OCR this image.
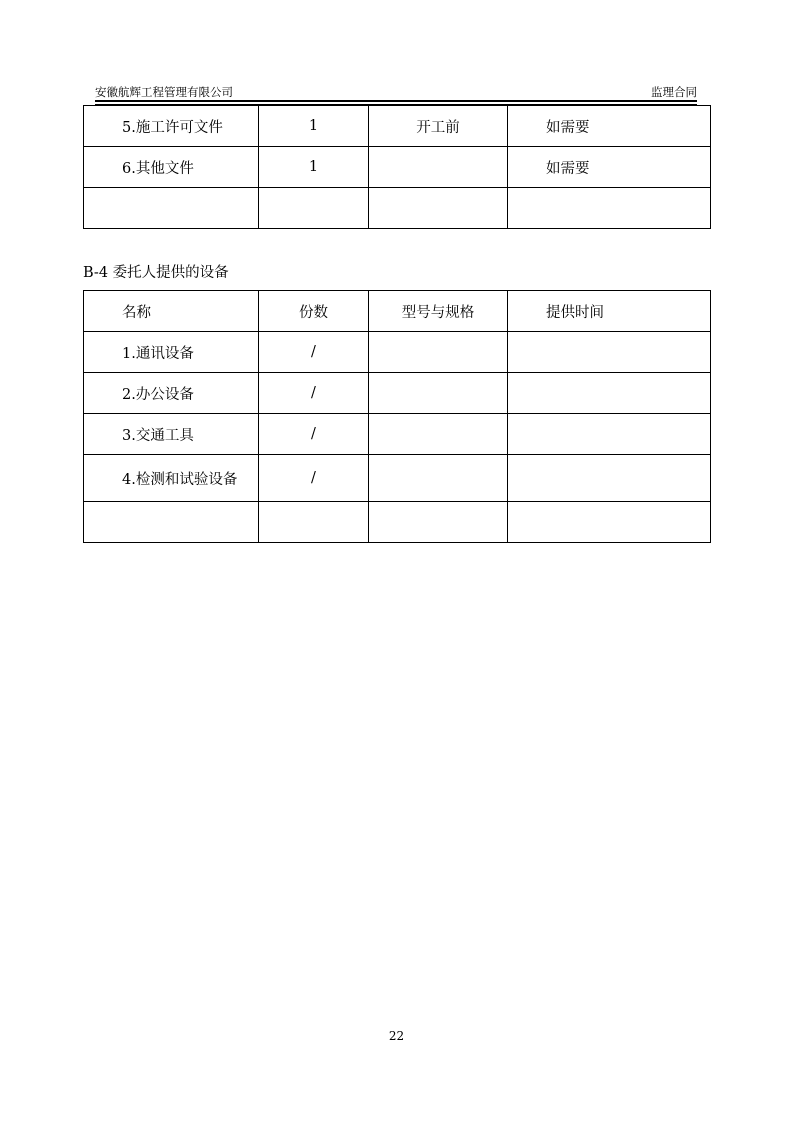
安徽航辉工程管理有限公司	监理合同
5.施工许可文件	1	开工前	如需要
6.其他文件	1		如需要

B-4 委托人提供的设备
名称	份数	型号与规格	提供时间
1.通讯设备	/		
2.办公设备	/		
3.交通工具	/		
4.检测和试验设备	/		

22
